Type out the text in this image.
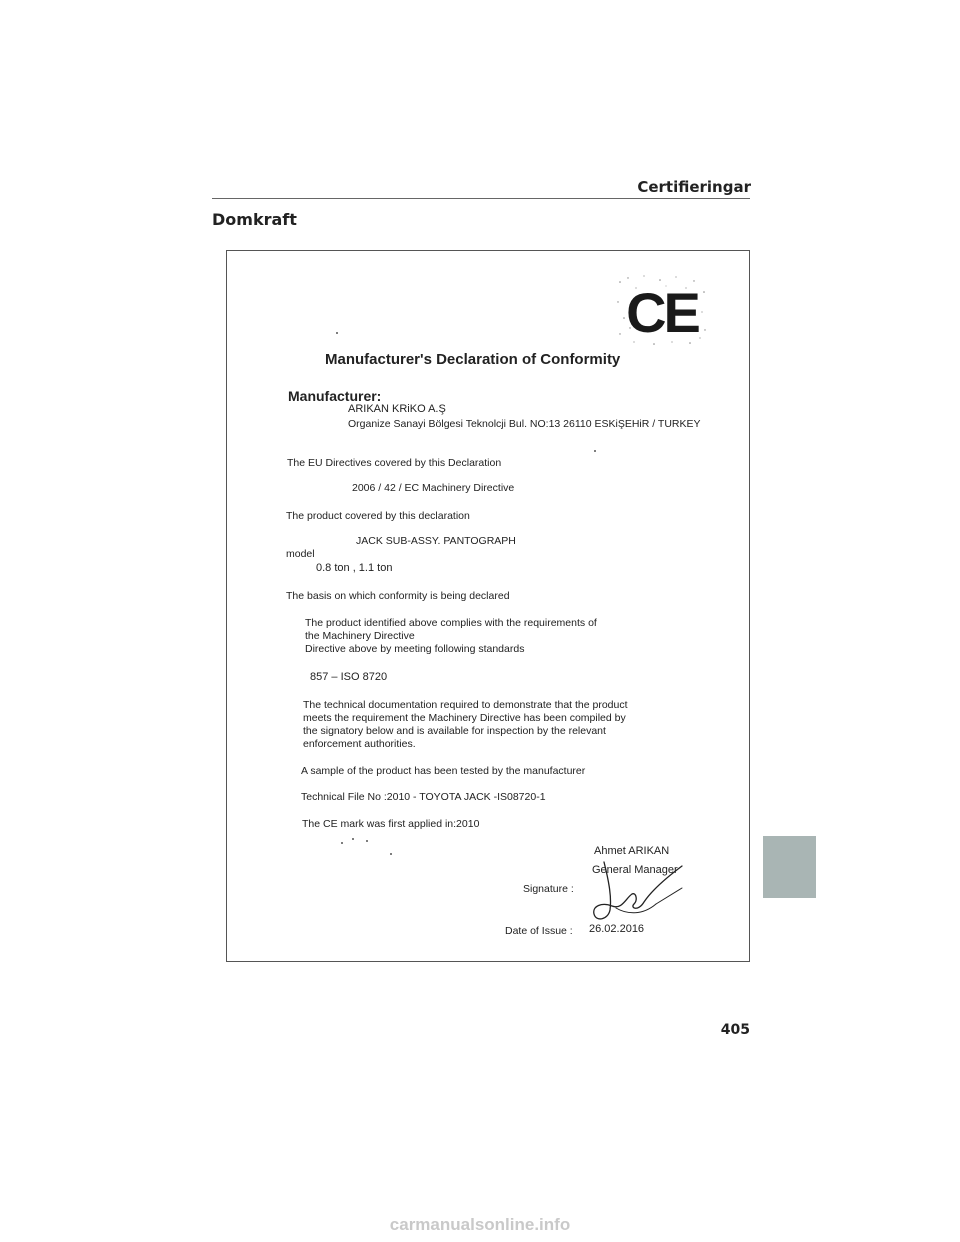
Certifieringar
Domkraft
CE
Manufacturer's Declaration of Conformity
Manufacturer:
ARIKAN KRiKO A.Ş
Organize Sanayi Bölgesi Teknolcji Bul. NO:13 26110 ESKiŞEHiR / TURKEY
The EU Directives covered by this Declaration
2006 / 42 / EC Machinery Directive
The product covered by this declaration
JACK SUB-ASSY. PANTOGRAPH
model
0.8 ton , 1.1 ton
The basis on which conformity is being declared
The product identified above complies with the requirements of
the Machinery Directive
Directive above by meeting following standards
857 – ISO 8720
The technical documentation required to demonstrate that the product
meets the requirement the Machinery Directive has been compiled by
the signatory below and is available for inspection by the relevant
enforcement authorities.
A sample of the product has been tested by the manufacturer
Technical File No :2010 - TOYOTA JACK -IS08720-1
The CE mark was first applied in:2010
Ahmet ARIKAN
General Manager
Signature :
Date of Issue : 26.02.2016
405
carmanualsonline.info
